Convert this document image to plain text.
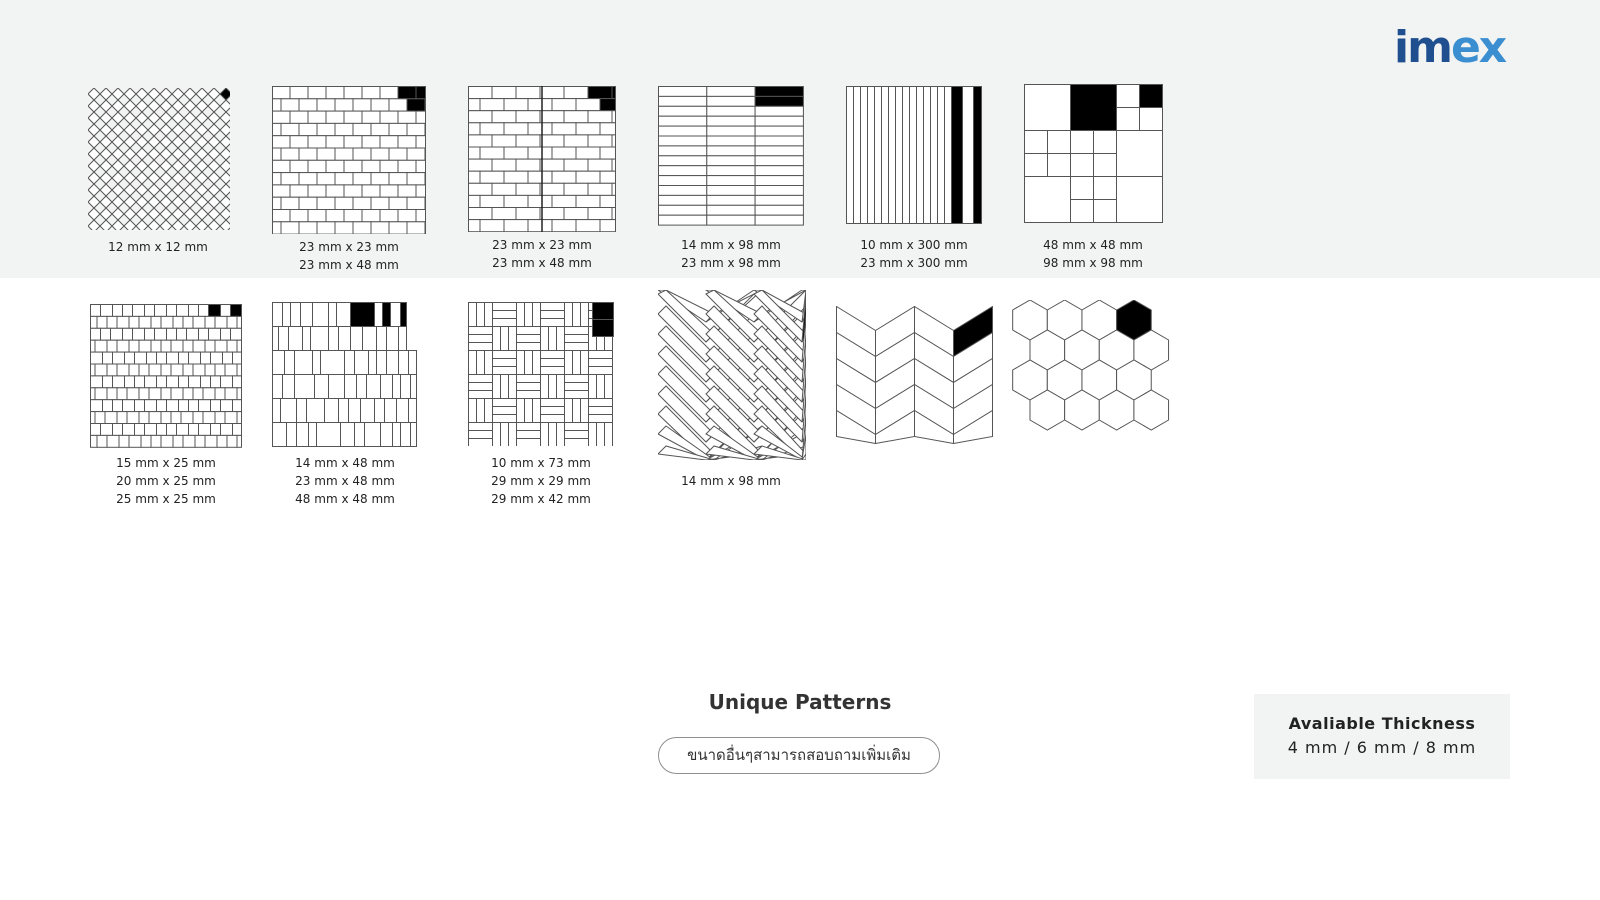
imex
12 mm x 12 mm	23 mm x 23 mm
23 mm x 48 mm
23 mm x 23 mm
23 mm x 48 mm
14 mm x 98 mm
23 mm x 98 mm
10 mm x 300 mm
23 mm x 300 mm
48 mm x 48 mm
98 mm x 98 mm
15 mm x 25 mm
20 mm x 25 mm
25 mm x 25 mm
14 mm x 48 mm
23 mm x 48 mm
48 mm x 48 mm
10 mm x 73 mm
29 mm x 29 mm
29 mm x 42 mm
14 mm x 98 mm
Unique Patterns
ขนาดอื่นๆสามารถสอบถามเพิ่มเติม
Avaliable Thickness
4 mm / 6 mm / 8 mm
